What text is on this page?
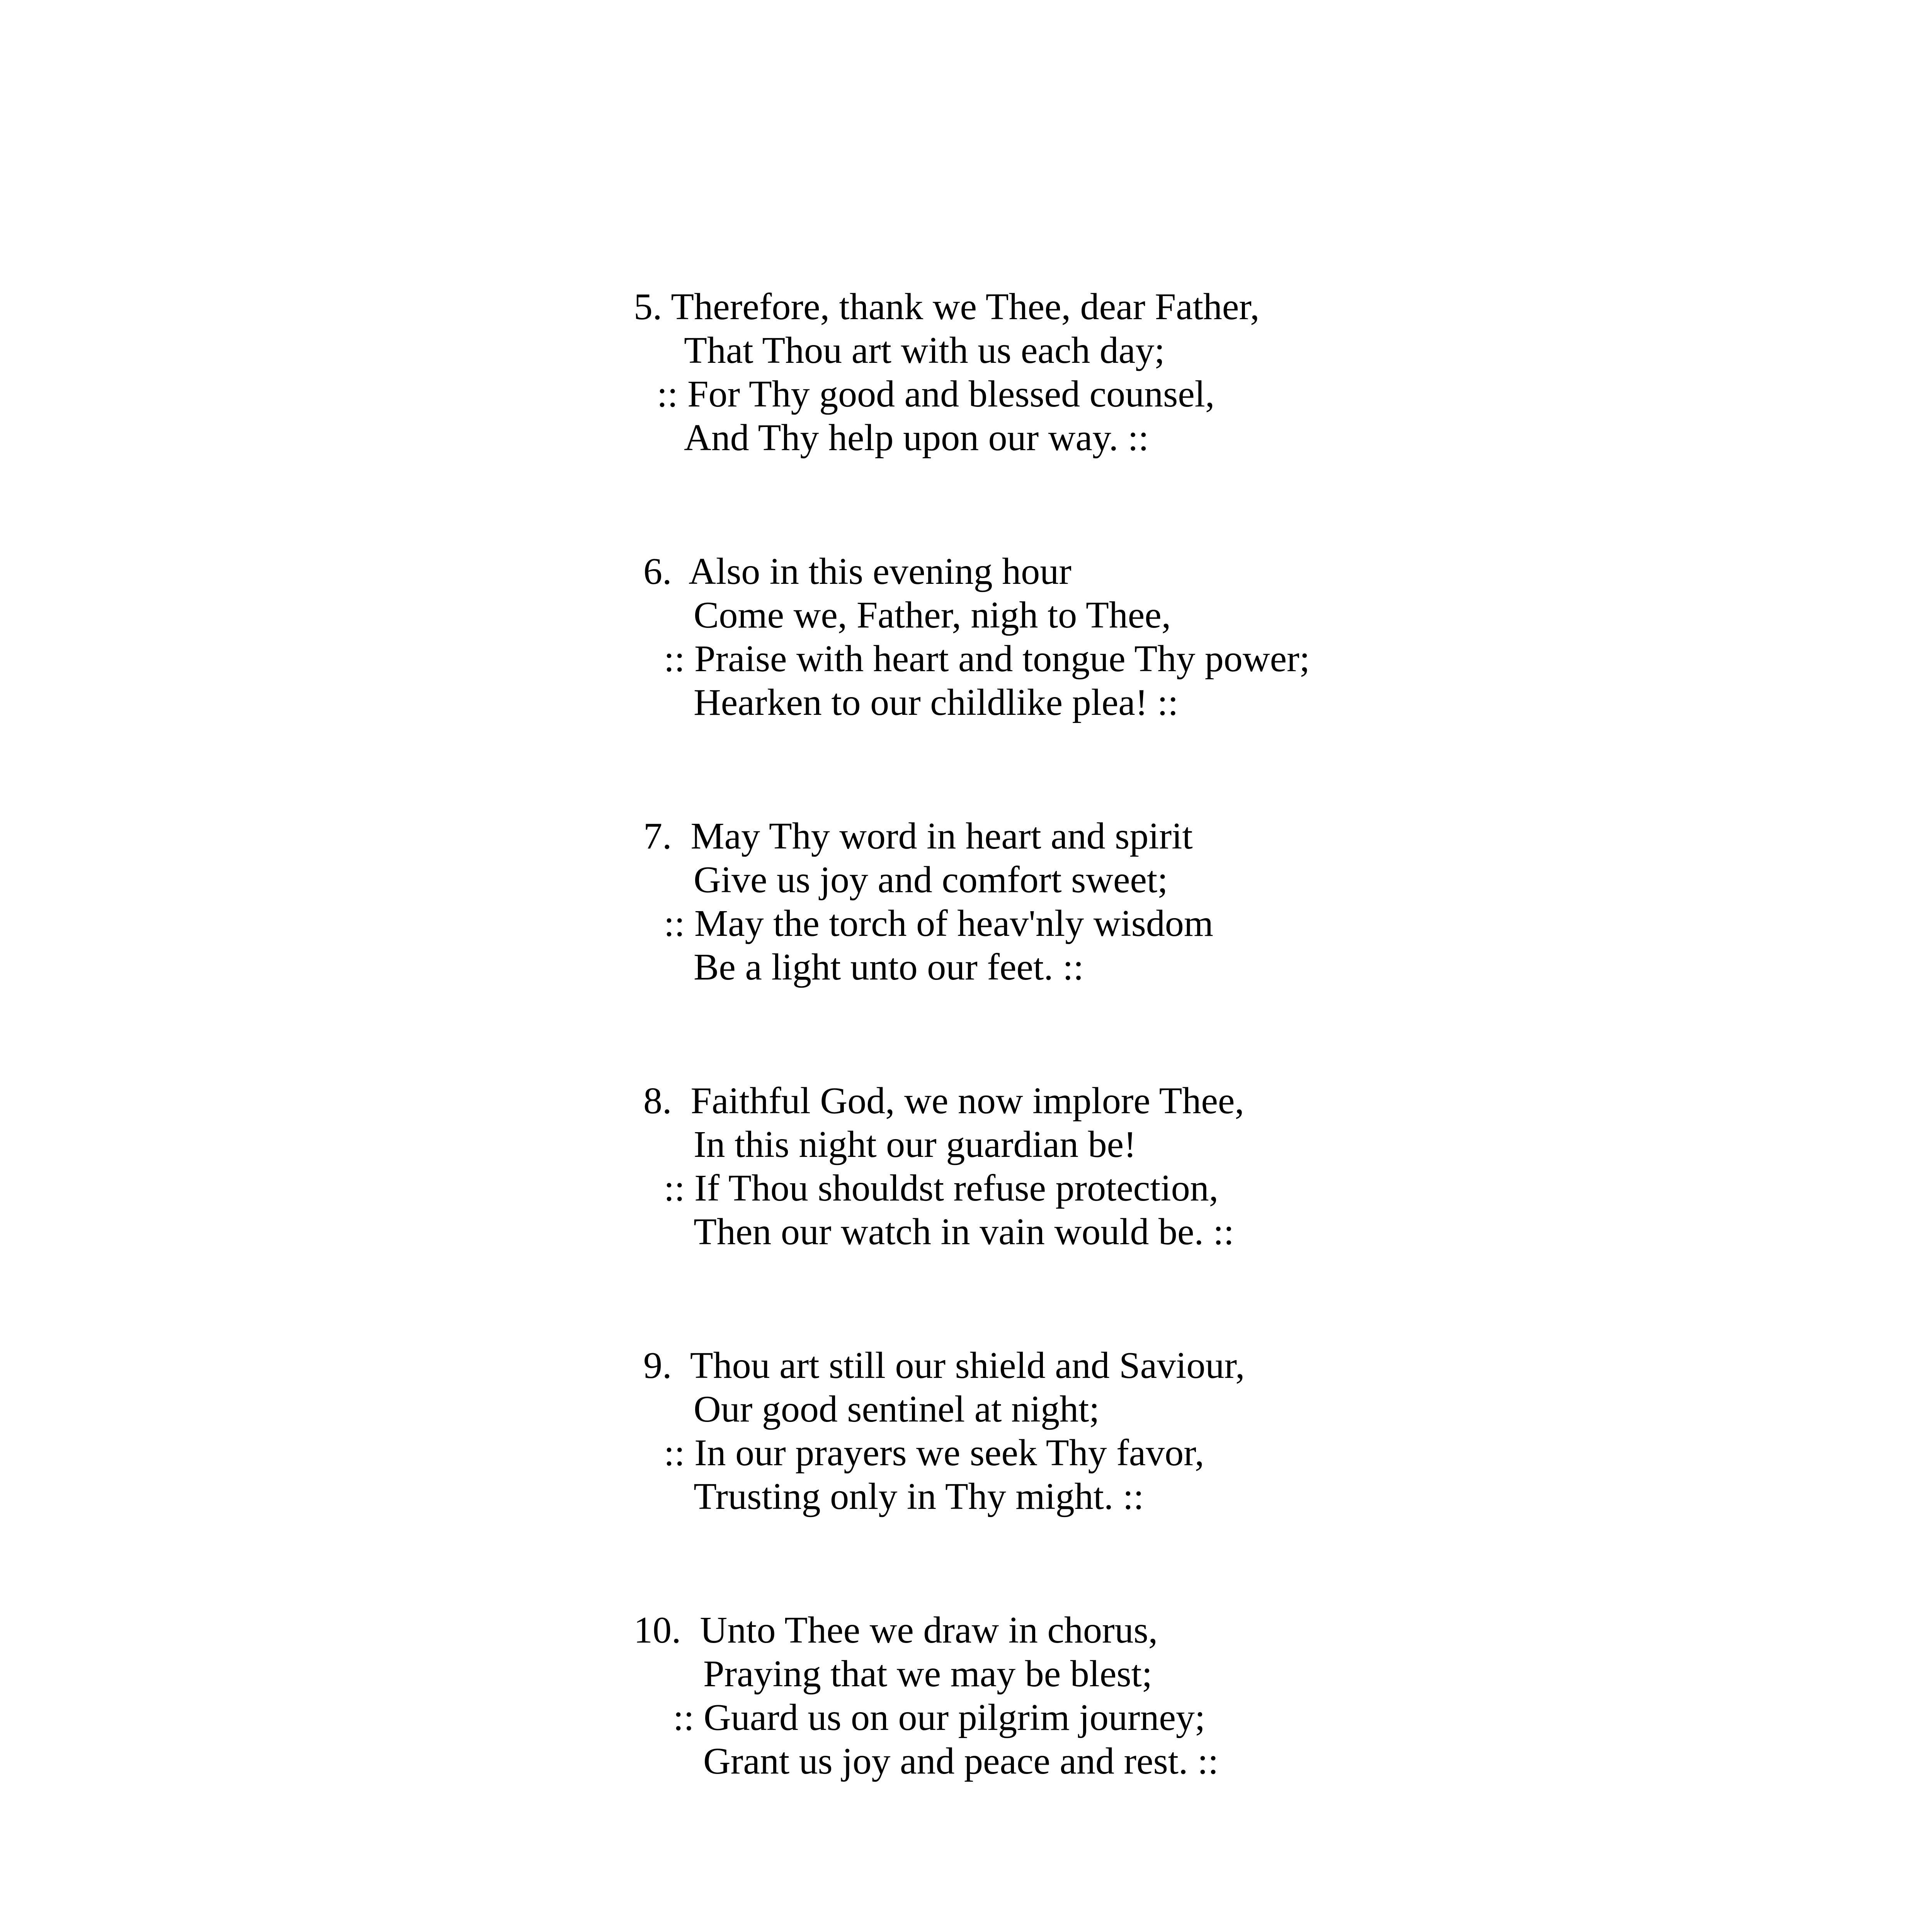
5. Therefore, thank we Thee, dear Father,
That Thou art with us each day;
:: For Thy good and blessed counsel,
And Thy help upon our way. ::
6.  Also in this evening hour
Come we, Father, nigh to Thee,
:: Praise with heart and tongue Thy power;
Hearken to our childlike plea! ::
7.  May Thy word in heart and spirit
Give us joy and comfort sweet;
:: May the torch of heav'nly wisdom
Be a light unto our feet. ::
8.  Faithful God, we now implore Thee,
In this night our guardian be!
:: If Thou shouldst refuse protection,
Then our watch in vain would be. ::
9.  Thou art still our shield and Saviour,
Our good sentinel at night;
:: In our prayers we seek Thy favor,
Trusting only in Thy might. ::
10.  Unto Thee we draw in chorus,
Praying that we may be blest;
:: Guard us on our pilgrim journey;
Grant us joy and peace and rest. ::
